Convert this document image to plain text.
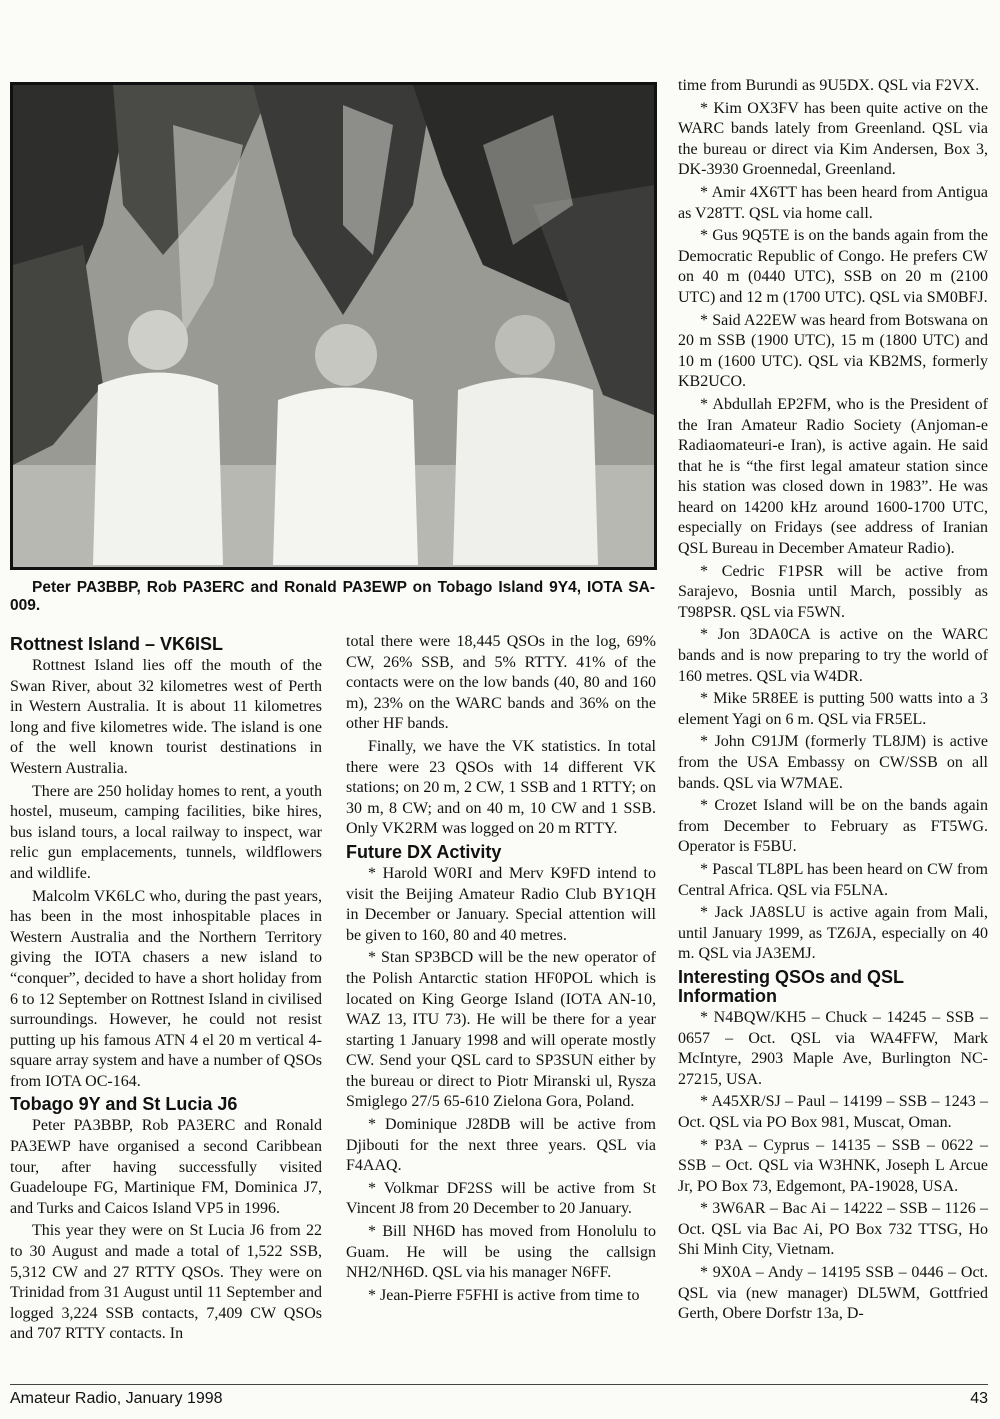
Peter PA3BBP, Rob PA3ERC and Ronald PA3EWP on Tobago Island 9Y4, IOTA SA-009.

Rottnest Island – VK6ISL

Rottnest Island lies off the mouth of the Swan River, about 32 kilometres west of Perth in Western Australia. It is about 11 kilometres long and five kilometres wide. The island is one of the well known tourist destinations in Western Australia.

There are 250 holiday homes to rent, a youth hostel, museum, camping facilities, bike hires, bus island tours, a local railway to inspect, war relic gun emplacements, tunnels, wildflowers and wildlife.

Malcolm VK6LC who, during the past years, has been in the most inhospitable places in Western Australia and the Northern Territory giving the IOTA chasers a new island to “conquer”, decided to have a short holiday from 6 to 12 September on Rottnest Island in civilised surroundings. However, he could not resist putting up his famous ATN 4 el 20 m vertical 4-square array system and have a number of QSOs from IOTA OC-164.

Tobago 9Y and St Lucia J6

Peter PA3BBP, Rob PA3ERC and Ronald PA3EWP have organised a second Caribbean tour, after having successfully visited Guadeloupe FG, Martinique FM, Dominica J7, and Turks and Caicos Island VP5 in 1996.

This year they were on St Lucia J6 from 22 to 30 August and made a total of 1,522 SSB, 5,312 CW and 27 RTTY QSOs. They were on Trinidad from 31 August until 11 September and logged 3,224 SSB contacts, 7,409 CW QSOs and 707 RTTY contacts. In

total there were 18,445 QSOs in the log, 69% CW, 26% SSB, and 5% RTTY. 41% of the contacts were on the low bands (40, 80 and 160 m), 23% on the WARC bands and 36% on the other HF bands.

Finally, we have the VK statistics. In total there were 23 QSOs with 14 different VK stations; on 20 m, 2 CW, 1 SSB and 1 RTTY; on 30 m, 8 CW; and on 40 m, 10 CW and 1 SSB. Only VK2RM was logged on 20 m RTTY.

Future DX Activity

* Harold W0RI and Merv K9FD intend to visit the Beijing Amateur Radio Club BY1QH in December or January. Special attention will be given to 160, 80 and 40 metres.

* Stan SP3BCD will be the new operator of the Polish Antarctic station HF0POL which is located on King George Island (IOTA AN-10, WAZ 13, ITU 73). He will be there for a year starting 1 January 1998 and will operate mostly CW. Send your QSL card to SP3SUN either by the bureau or direct to Piotr Miranski ul, Rysza Smiglego 27/5 65-610 Zielona Gora, Poland.

* Dominique J28DB will be active from Djibouti for the next three years. QSL via F4AAQ.

* Volkmar DF2SS will be active from St Vincent J8 from 20 December to 20 January.

* Bill NH6D has moved from Honolulu to Guam. He will be using the callsign NH2/NH6D. QSL via his manager N6FF.

* Jean-Pierre F5FHI is active from time to

time from Burundi as 9U5DX. QSL via F2VX.

* Kim OX3FV has been quite active on the WARC bands lately from Greenland. QSL via the bureau or direct via Kim Andersen, Box 3, DK-3930 Groennedal, Greenland.

* Amir 4X6TT has been heard from Antigua as V28TT. QSL via home call.

* Gus 9Q5TE is on the bands again from the Democratic Republic of Congo. He prefers CW on 40 m (0440 UTC), SSB on 20 m (2100 UTC) and 12 m (1700 UTC). QSL via SM0BFJ.

* Said A22EW was heard from Botswana on 20 m SSB (1900 UTC), 15 m (1800 UTC) and 10 m (1600 UTC). QSL via KB2MS, formerly KB2UCO.

* Abdullah EP2FM, who is the President of the Iran Amateur Radio Society (Anjoman-e Radiaomateuri-e Iran), is active again. He said that he is “the first legal amateur station since his station was closed down in 1983”. He was heard on 14200 kHz around 1600-1700 UTC, especially on Fridays (see address of Iranian QSL Bureau in December Amateur Radio).

* Cedric F1PSR will be active from Sarajevo, Bosnia until March, possibly as T98PSR. QSL via F5WN.

* Jon 3DA0CA is active on the WARC bands and is now preparing to try the world of 160 metres. QSL via W4DR.

* Mike 5R8EE is putting 500 watts into a 3 element Yagi on 6 m. QSL via FR5EL.

* John C91JM (formerly TL8JM) is active from the USA Embassy on CW/SSB on all bands. QSL via W7MAE.

* Crozet Island will be on the bands again from December to February as FT5WG. Operator is F5BU.

* Pascal TL8PL has been heard on CW from Central Africa. QSL via F5LNA.

* Jack JA8SLU is active again from Mali, until January 1999, as TZ6JA, especially on 40 m. QSL via JA3EMJ.

Interesting QSOs and QSL Information

* N4BQW/KH5 – Chuck – 14245 – SSB – 0657 – Oct. QSL via WA4FFW, Mark McIntyre, 2903 Maple Ave, Burlington NC-27215, USA.

* A45XR/SJ – Paul – 14199 – SSB – 1243 – Oct. QSL via PO Box 981, Muscat, Oman.

* P3A – Cyprus – 14135 – SSB – 0622 – SSB – Oct. QSL via W3HNK, Joseph L Arcue Jr, PO Box 73, Edgemont, PA-19028, USA.

* 3W6AR – Bac Ai – 14222 – SSB – 1126 – Oct. QSL via Bac Ai, PO Box 732 TTSG, Ho Shi Minh City, Vietnam.

* 9X0A – Andy – 14195 SSB – 0446 – Oct. QSL via (new manager) DL5WM, Gottfried Gerth, Obere Dorfstr 13a, D-

Amateur Radio, January 1998	43
